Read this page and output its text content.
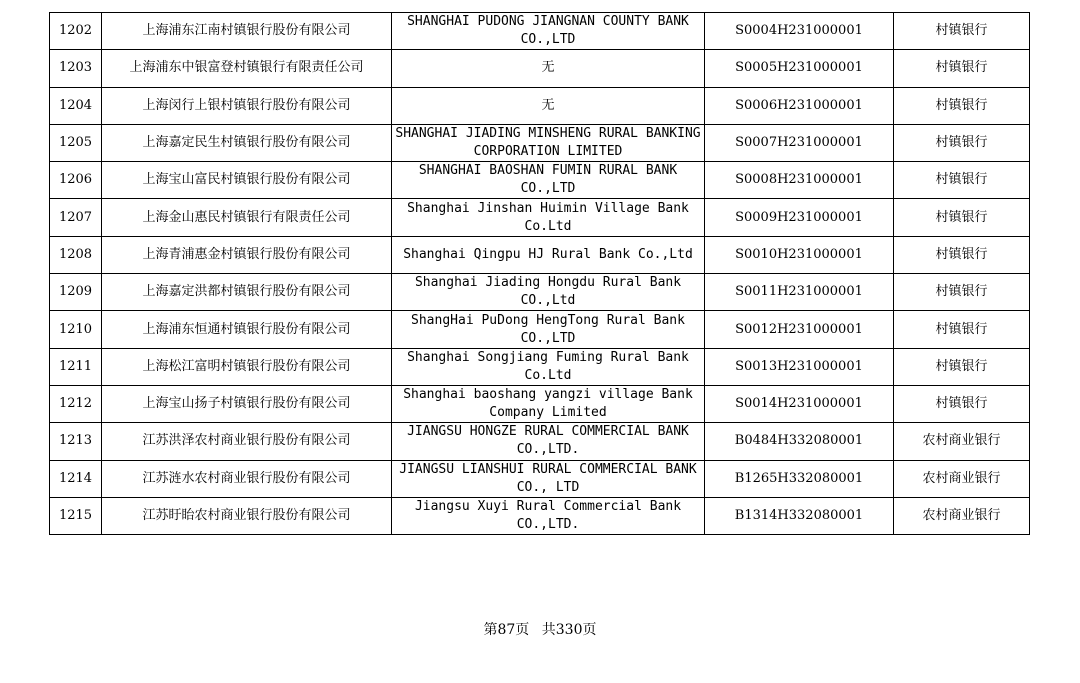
1202	上海浦东江南村镇银行股份有限公司	SHANGHAI PUDONG JIANGNAN COUNTY BANK CO.,LTD	S0004H231000001	村镇银行
1203	上海浦东中银富登村镇银行有限责任公司	无	S0005H231000001	村镇银行
1204	上海闵行上银村镇银行股份有限公司	无	S0006H231000001	村镇银行
1205	上海嘉定民生村镇银行股份有限公司	SHANGHAI JIADING MINSHENG RURAL BANKING CORPORATION LIMITED	S0007H231000001	村镇银行
1206	上海宝山富民村镇银行股份有限公司	SHANGHAI BAOSHAN FUMIN RURAL BANK CO.,LTD	S0008H231000001	村镇银行
1207	上海金山惠民村镇银行有限责任公司	Shanghai Jinshan Huimin Village Bank Co.Ltd	S0009H231000001	村镇银行
1208	上海青浦惠金村镇银行股份有限公司	Shanghai Qingpu HJ Rural Bank Co.,Ltd	S0010H231000001	村镇银行
1209	上海嘉定洪都村镇银行股份有限公司	Shanghai Jiading Hongdu Rural Bank CO.,Ltd	S0011H231000001	村镇银行
1210	上海浦东恒通村镇银行股份有限公司	ShangHai PuDong HengTong Rural Bank CO.,LTD	S0012H231000001	村镇银行
1211	上海松江富明村镇银行股份有限公司	Shanghai Songjiang Fuming Rural Bank Co.Ltd	S0013H231000001	村镇银行
1212	上海宝山扬子村镇银行股份有限公司	Shanghai baoshang yangzi village Bank Company Limited	S0014H231000001	村镇银行
1213	江苏洪泽农村商业银行股份有限公司	JIANGSU HONGZE RURAL COMMERCIAL BANK CO.,LTD.	B0484H332080001	农村商业银行
1214	江苏涟水农村商业银行股份有限公司	JIANGSU LIANSHUI RURAL COMMERCIAL BANK CO., LTD	B1265H332080001	农村商业银行
1215	江苏盱眙农村商业银行股份有限公司	Jiangsu Xuyi Rural Commercial Bank CO.,LTD.	B1314H332080001	农村商业银行
第87页 共330页
